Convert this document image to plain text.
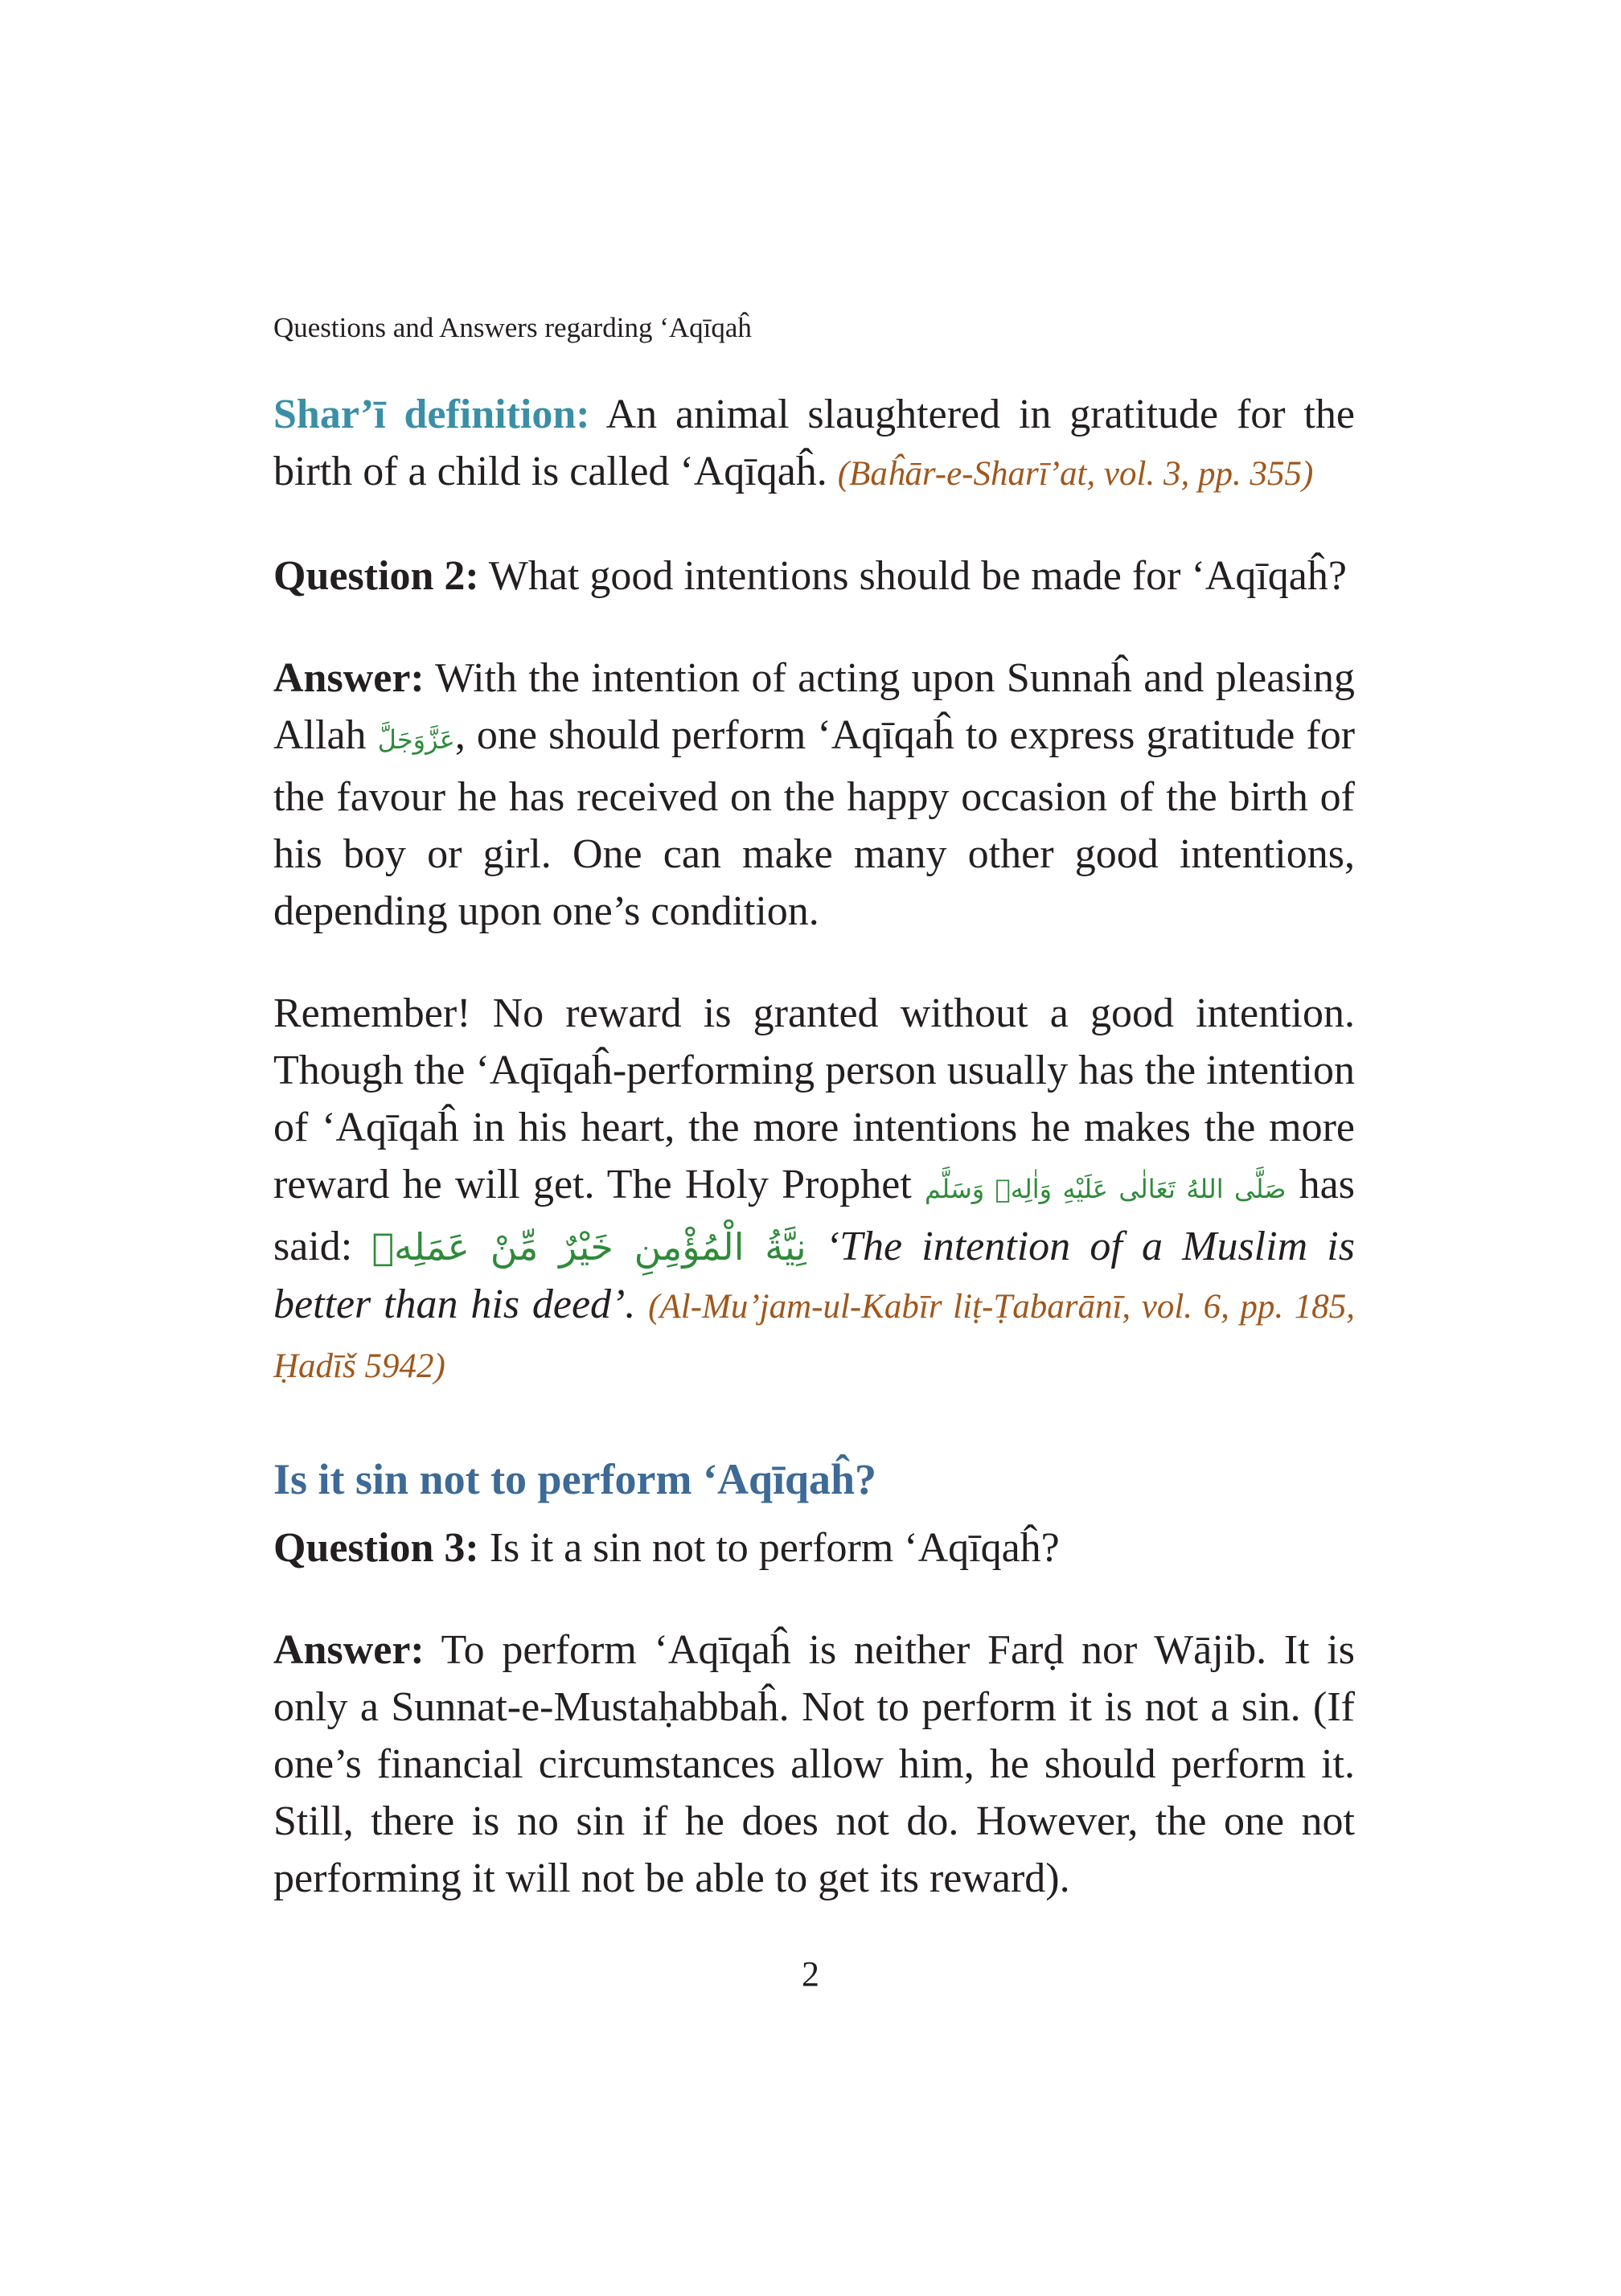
Questions and Answers regarding ‘Aqīqaĥ

Shar’ī definition: An animal slaughtered in gratitude for the birth of a child is called ‘Aqīqaĥ. (Baĥār-e-Sharī’at, vol. 3, pp. 355)

Question 2: What good intentions should be made for ‘Aqīqaĥ?

Answer: With the intention of acting upon Sunnaĥ and pleasing Allah عَزَّوَجَلَّ, one should perform ‘Aqīqaĥ to express gratitude for the favour he has received on the happy occasion of the birth of his boy or girl. One can make many other good intentions, depending upon one’s condition.

Remember! No reward is granted without a good intention. Though the ‘Aqīqaĥ-performing person usually has the intention of ‘Aqīqaĥ in his heart, the more intentions he makes the more reward he will get. The Holy Prophet صَلَّى اللهُ تَعَالٰى عَلَيْهِ وَاٰلِهٖ وَسَلَّم has said: نِيَّةُ الْمُؤْمِنِ خَيْرٌ مِّنْ عَمَلِهٖ ‘The intention of a Muslim is better than his deed’. (Al-Mu’jam-ul-Kabīr liṭ-Ṭabarānī, vol. 6, pp. 185, Ḥadīš 5942)

Is it sin not to perform ‘Aqīqaĥ?

Question 3: Is it a sin not to perform ‘Aqīqaĥ?

Answer: To perform ‘Aqīqaĥ is neither Farḍ nor Wājib. It is only a Sunnat-e-Mustaḥabbaĥ. Not to perform it is not a sin. (If one’s financial circumstances allow him, he should perform it. Still, there is no sin if he does not do. However, the one not performing it will not be able to get its reward).

2
